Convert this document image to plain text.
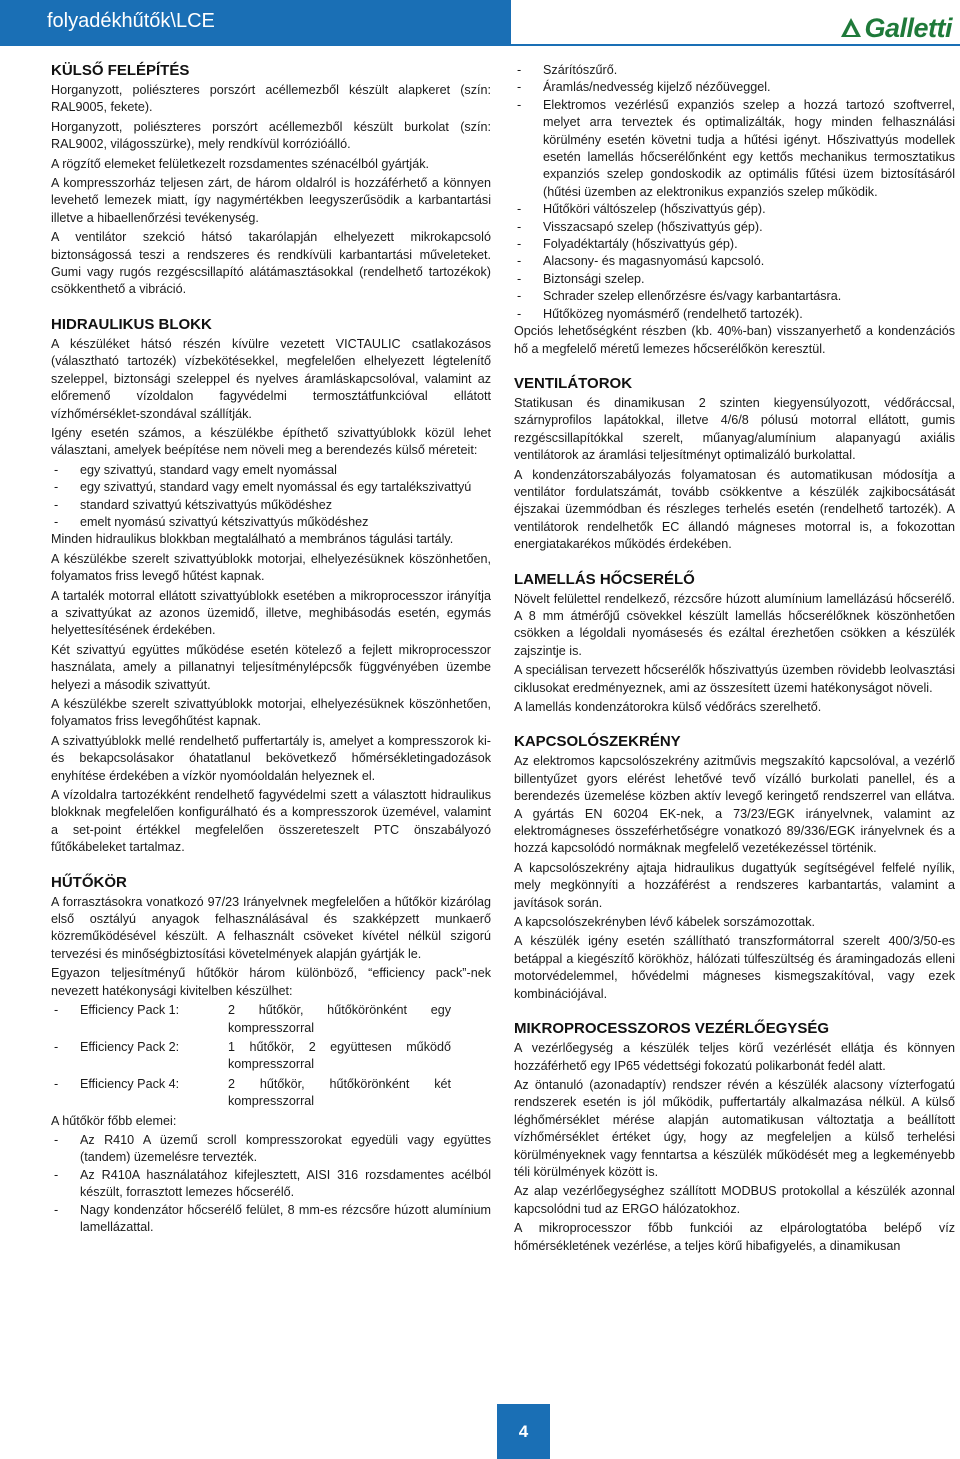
folyadékhűtők\LCE	Galletti
KÜLSŐ FELÉPÍTÉS

Horganyzott, poliészteres porszórt acéllemezből készült alapkeret (szín: RAL9005, fekete).

Horganyzott, poliészteres porszórt acéllemezből készült burkolat (szín: RAL9002, világosszürke), mely rendkívül korrózióálló.

A rögzítő elemeket felületkezelt rozsdamentes szénacélból gyártják.

A kompresszorház teljesen zárt, de három oldalról is hozzáférhető a könnyen levehető lemezek miatt, így nagymértékben leegyszerűsödik a karbantartási illetve a hibaellenőrzési tevékenység.

A ventilátor szekció hátsó takarólapján elhelyezett mikrokapcsoló biztonságossá teszi a rendszeres és rendkívüli karbantartási műveleteket. Gumi vagy rugós rezgéscsillapító alátámasztásokkal (rendelhető tartozékok) csökkenthető a vibráció.

HIDRAULIKUS BLOKK

A készüléket hátsó részén kívülre vezetett VICTAULIC csatlakozásos (választható tartozék) vízbekötésekkel, megfelelően elhelyezett légtelenítő szeleppel, biztonsági szeleppel és nyelves áramláskapcsolóval, valamint az előremenő vízoldalon fagyvédelmi termosztátfunkcióval ellátott vízhőmérséklet-szondával szállítják.

Igény esetén számos, a készülékbe építhető szivattyúblokk közül lehet választani, amelyek beépítése nem növeli meg a berendezés külső méreteit:

- egy szivattyú, standard vagy emelt nyomással

- egy szivattyú, standard vagy emelt nyomással és egy tartalékszivattyú

- standard szivattyú kétszivattyús működéshez

- emelt nyomású szivattyú kétszivattyús működéshez

Minden hidraulikus blokkban megtalálható a membrános tágulási tartály.

A készülékbe szerelt szivattyúblokk motorjai, elhelyezésüknek köszönhetően, folyamatos friss levegő hűtést kapnak.

A tartalék motorral ellátott szivattyúblokk esetében a mikroprocesszor irányítja a szivattyúkat az azonos üzemidő, illetve, meghibásodás esetén, egymás helyettesítésének érdekében.

Két szivattyú együttes működése esetén kötelező a fejlett mikroprocesszor használata, amely a pillanatnyi teljesítménylépcsők függvényében üzembe helyezi a második szivattyút.

A készülékbe szerelt szivattyúblokk motorjai, elhelyezésüknek köszönhetően, folyamatos friss levegőhűtést kapnak.

A szivattyúblokk mellé rendelhető puffertartály is, amelyet a kompresszorok ki- és bekapcsolásakor óhatatlanul bekövetkező hőmérsékletingadozások enyhítése érdekében a vízkör nyomóoldalán helyeznek el.

A vízoldalra tartozékként rendelhető fagyvédelmi szett a választott hidraulikus blokknak megfelelően konfigurálható és a kompresszorok üzemével, valamint a set-point értékkel megfelelően összereteszelt PTC önszabályozó fűtőkábeleket tartalmaz.

HŰTŐKÖR

A forrasztásokra vonatkozó 97/23 Irányelvnek megfelelően a hűtőkör kizárólag első osztályú anyagok felhasználásával és szakképzett munkaerő közreműködésével készült. A felhasznált csöveket kívétel nélkül szigorú tervezési és minőségbiztosítási követelmények alapján gyártják le.

Egyazon teljesítményű hűtőkör három különböző, “efficiency pack”-nek nevezett hatékonysági kivitelben készülhet:

- Efficiency Pack 1:	2 hűtőkör, hűtőkörönként egy kompresszorral
- Efficiency Pack 2:	1 hűtőkör, 2 együttesen működő kompresszorral
- Efficiency Pack 4:	2 hűtőkör, hűtőkörönként két kompresszorral

A hűtőkör főbb elemei:

- Az R410 A üzemű scroll kompresszorokat egyedüli vagy együttes (tandem) üzemelésre tervezték.

- Az R410A használatához kifejlesztett, AISI 316 rozsdamentes acélból készült, forrasztott lemezes hőcserélő.

- Nagy kondenzátor hőcserélő felület, 8 mm-es rézcsőre húzott alumínium lamellázattal.

- Szárítószűrő.

- Áramlás/nedvesség kijelző nézőüveggel.

- Elektromos vezérlésű expanziós szelep a hozzá tartozó szoftverrel, melyet arra terveztek és optimalizálták, hogy minden felhasználási körülmény esetén követni tudja a hűtési igényt. Hőszivattyús modellek esetén lamellás hőcserélőnként egy kettős mechanikus termosztatikus expanziós szelep gondoskodik az optimális fűtési üzem biztosításáról (hűtési üzemben az elektronikus expanziós szelep működik.

- Hűtőköri váltószelep (hőszivattyús gép).

- Visszacsapó szelep (hőszivattyús gép).

- Folyadéktartály (hőszivattyús gép).

- Alacsony- és magasnyomású kapcsoló.

- Biztonsági szelep.

- Schrader szelep ellenőrzésre és/vagy karbantartásra.

- Hűtőközeg nyomásmérő (rendelhető tartozék).

Opciós lehetőségként részben (kb. 40%-ban) visszanyerhető a kondenzációs hő a megfelelő méretű lemezes hőcserélőkön keresztül.

VENTILÁTOROK

Statikusan és dinamikusan 2 szinten kiegyensúlyozott, védőráccsal, szárnyprofilos lapátokkal, illetve 4/6/8 pólusú motorral ellátott, gumis rezgéscsillapítókkal szerelt, műanyag/alumínium alapanyagú axiális ventilátorok az áramlási teljesítményt optimalizáló burkolattal.

A kondenzátorszabályozás folyamatosan és automatikusan módosítja a ventilátor fordulatszámát, tovább csökkentve a készülék zajkibocsátását éjszakai üzemmódban és részleges terhelés esetén (rendelhető tartozék). A ventilátorok rendelhetők EC állandó mágneses motorral is, a fokozottan energiatakarékos működés érdekében.

LAMELLÁS HŐCSERÉLŐ

Növelt felülettel rendelkező, rézcsőre húzott alumínium lamellázású hőcserélő. A 8 mm átmérőjű csövekkel készült lamellás hőcserélőknek köszönhetően csökken a légoldali nyomásesés és ezáltal érezhetően csökken a készülék zajszintje is.

A speciálisan tervezett hőcserélők hőszivattyús üzemben rövidebb leolvasztási ciklusokat eredményeznek, ami az összesített üzemi hatékonyságot növeli.

A lamellás kondenzátorokra külső védőrács szerelhető.

KAPCSOLÓSZEKRÉNY

Az elektromos kapcsolószekrény azitművis megszakító kapcsolóval, a vezérlő billentyűzet gyors elérést lehetővé tevő vízálló burkolati panellel, és a berendezés üzemelése közben aktív levegő keringető rendszerrel van ellátva. A gyártás EN 60204 EK-nek, a 73/23/EGK irányelvnek, valamint az elektromágneses összeférhetőségre vonatkozó 89/336/EGK irányelvnek és a hozzá kapcsolódó normáknak megfelelő vezetékezéssel történik.

A kapcsolószekrény ajtaja hidraulikus dugattyúk segítségével felfelé nyílik, mely megkönnyíti a hozzáférést a rendszeres karbantartás, valamint a javítások során.

A kapcsolószekrényben lévő kábelek sorszámozottak.

A készülék igény esetén szállítható transzformátorral szerelt 400/3/50-es betáppal a kiegészítő körökhöz, hálózati túlfeszültség és áramingadozás elleni motorvédelemmel, hővédelmi mágneses kismegszakítóval, vagy ezek kombinációjával.

MIKROPROCESSZOROS VEZÉRLŐEGYSÉG

A vezérlőegység a készülék teljes körű vezérlését ellátja és könnyen hozzáférhető egy IP65 védettségi fokozatú polikarbonát fedél alatt.

Az öntanuló (azonadaptív) rendszer révén a készülék alacsony vízterfogatú rendszerek esetén is jól működik, puffertartály alkalmazása nélkül. A külső léghőmérséklet mérése alapján automatikusan változtatja a beállított vízhőmérséklet értéket úgy, hogy az megfeleljen a külső terhelési körülményeknek vagy fenntartsa a készülék működését meg a legkeményebb téli körülmények között is.

Az alap vezérlőegységhez szállított MODBUS protokollal a készülék azonnal kapcsolódni tud az ERGO hálózatokhoz.

A mikroprocesszor főbb funkciói az elpárologtatóba belépő víz hőmérsékletének vezérlése, a teljes körű hibafigyelés, a dinamikusan

4
